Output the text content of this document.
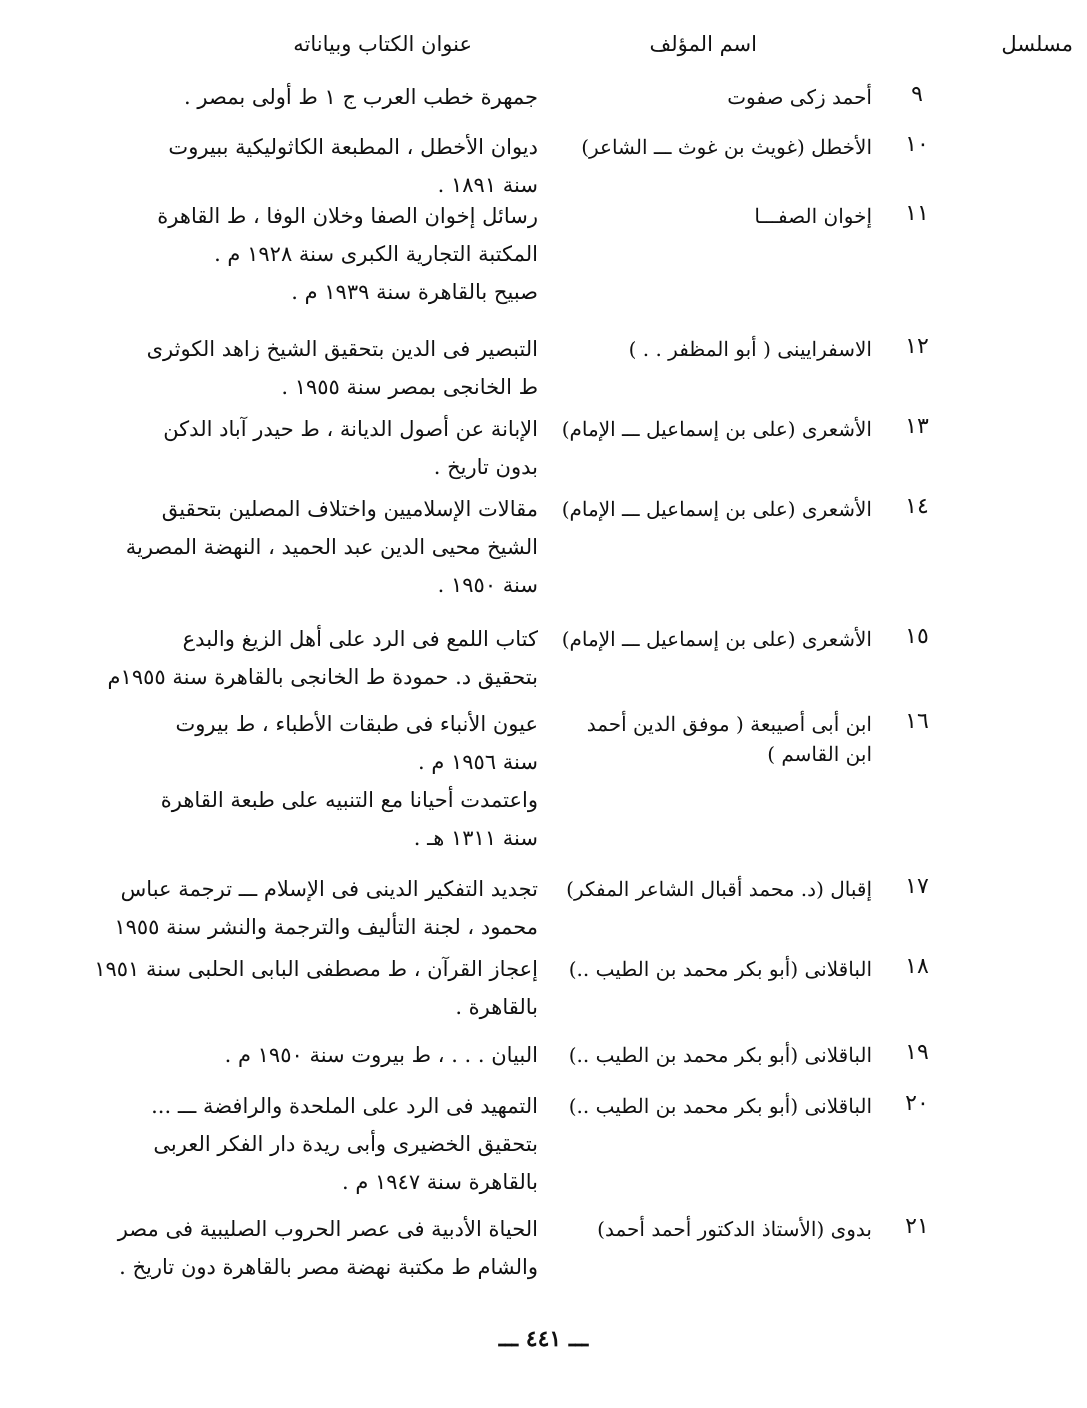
مسلسل
اسم المؤلف
عنوان الكتاب وبياناته
٩
أحمد زكى صفوت
جمهرة خطب العرب ج ١ ط أولى بمصر .
١٠
الأخطل (غويث بن غوث ـــ الشاعر)
ديوان الأخطل ، المطبعة الكاثوليكية ببيروت
سنة ١٨٩١ .
١١
إخوان الصفـــا
رسائل إخوان الصفا وخلان الوفا ، ط القاهرة
المكتبة التجارية الكبرى سنة ١٩٢٨ م .
صبيح بالقاهرة سنة ١٩٣٩ م .
١٢
الاسفرايينى ( أبو المظفر . . )
التبصير فى الدين بتحقيق الشيخ زاهد الكوثرى
ط الخانجى بمصر سنة ١٩٥٥ .
١٣
الأشعرى (على بن إسماعيل ـــ الإمام)
الإبانة عن أصول الديانة ، ط حيدر آباد الدكن
بدون تاريخ .
١٤
الأشعرى (على بن إسماعيل ـــ الإمام)
مقالات الإسلاميين واختلاف المصلين بتحقيق
الشيخ محيى الدين عبد الحميد ، النهضة المصرية
سنة ١٩٥٠ .
١٥
الأشعرى (على بن إسماعيل ـــ الإمام)
كتاب اللمع فى الرد على أهل الزيغ والبدع
بتحقيق د. حمودة ط الخانجى بالقاهرة سنة ١٩٥٥م
١٦
ابن أبى أصيبعة ( موفق الدين أحمد
ابن القاسم )
عيون الأنباء فى طبقات الأطباء ، ط بيروت
سنة ١٩٥٦ م .
واعتمدت أحيانا مع التنبيه على طبعة القاهرة
سنة ١٣١١ هـ .
١٧
إقبال (د. محمد أقبال الشاعر المفكر)
تجديد التفكير الدينى فى الإسلام ـــ ترجمة عباس
محمود ، لجنة التأليف والترجمة والنشر سنة ١٩٥٥
١٨
الباقلانى (أبو بكر محمد بن الطيب ..)
إعجاز القرآن ، ط مصطفى البابى الحلبى سنة ١٩٥١
بالقاهرة .
١٩
الباقلانى (أبو بكر محمد بن الطيب ..)
البيان . . . ، ط بيروت سنة ١٩٥٠ م .
٢٠
الباقلانى (أبو بكر محمد بن الطيب ..)
التمهيد فى الرد على الملحدة والرافضة ـــ ...
بتحقيق الخضيرى وأبى ريدة دار الفكر العربى
بالقاهرة سنة ١٩٤٧ م .
٢١
بدوى (الأستاذ الدكتور أحمد أحمد)
الحياة الأدبية فى عصر الحروب الصليبية فى مصر
والشام ط مكتبة نهضة مصر بالقاهرة دون تاريخ .
ـــ ٤٤١ ـــ
